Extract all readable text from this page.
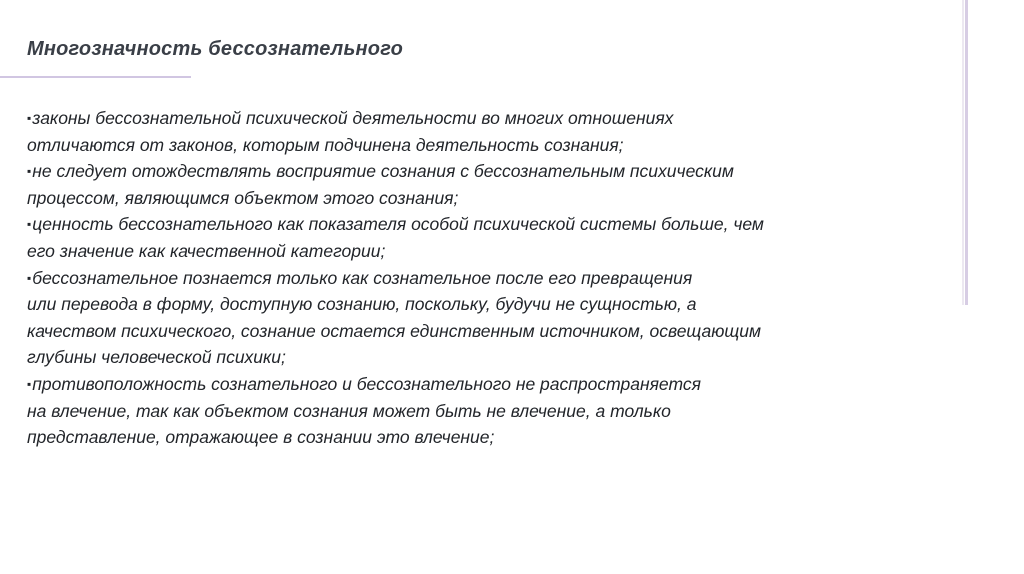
Многозначность бессознательного
▪законы бессознательной психической деятельности во многих отношениях
отличаются от законов, которым подчинена деятельность сознания;
▪не следует отождествлять восприятие сознания с бессознательным психическим
процессом, являющимся объектом этого сознания;
▪ценность бессознательного как показателя особой психической системы больше, чем
его значение как качественной категории;
▪бессознательное познается только как сознательное после его превращения
или перевода в форму, доступную сознанию, поскольку, будучи не сущностью, а
качеством психического, сознание остается единственным источником, освещающим
глубины человеческой психики;
▪противоположность сознательного и бессознательного не распространяется
на влечение, так как объектом сознания может быть не влечение, а только
представление, отражающее в сознании это влечение;
